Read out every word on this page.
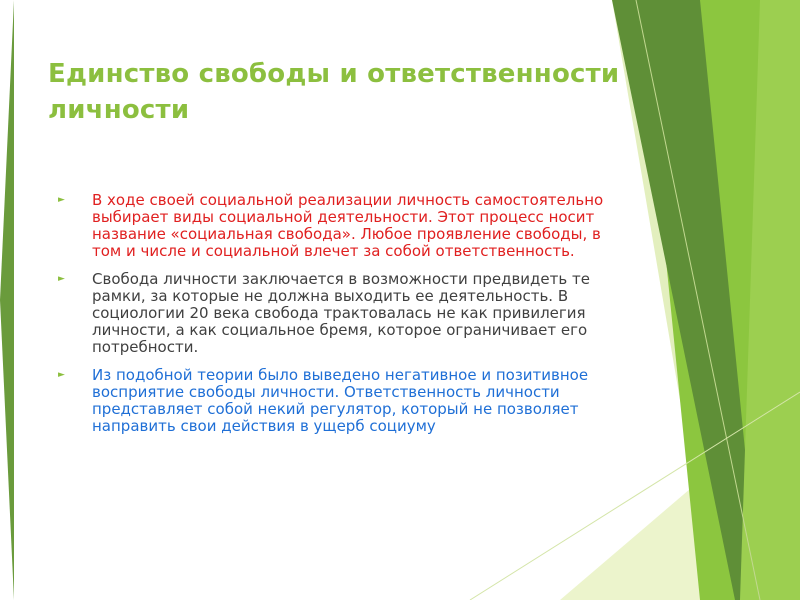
Единство свободы и ответственности личности
► В ходе своей социальной реализации личность самостоятельно выбирает виды социальной деятельности. Этот процесс носит название «социальная свобода». Любое проявление свободы, в том и числе и социальной влечет за собой ответственность.
► Свобода личности заключается в возможности предвидеть те рамки, за которые не должна выходить ее деятельность. В социологии 20 века свобода трактовалась не как привилегия личности, а как социальное бремя, которое ограничивает его потребности.
► Из подобной теории было выведено негативное и позитивное восприятие свободы личности. Ответственность личности представляет собой некий регулятор, который не позволяет направить свои действия в ущерб социуму
